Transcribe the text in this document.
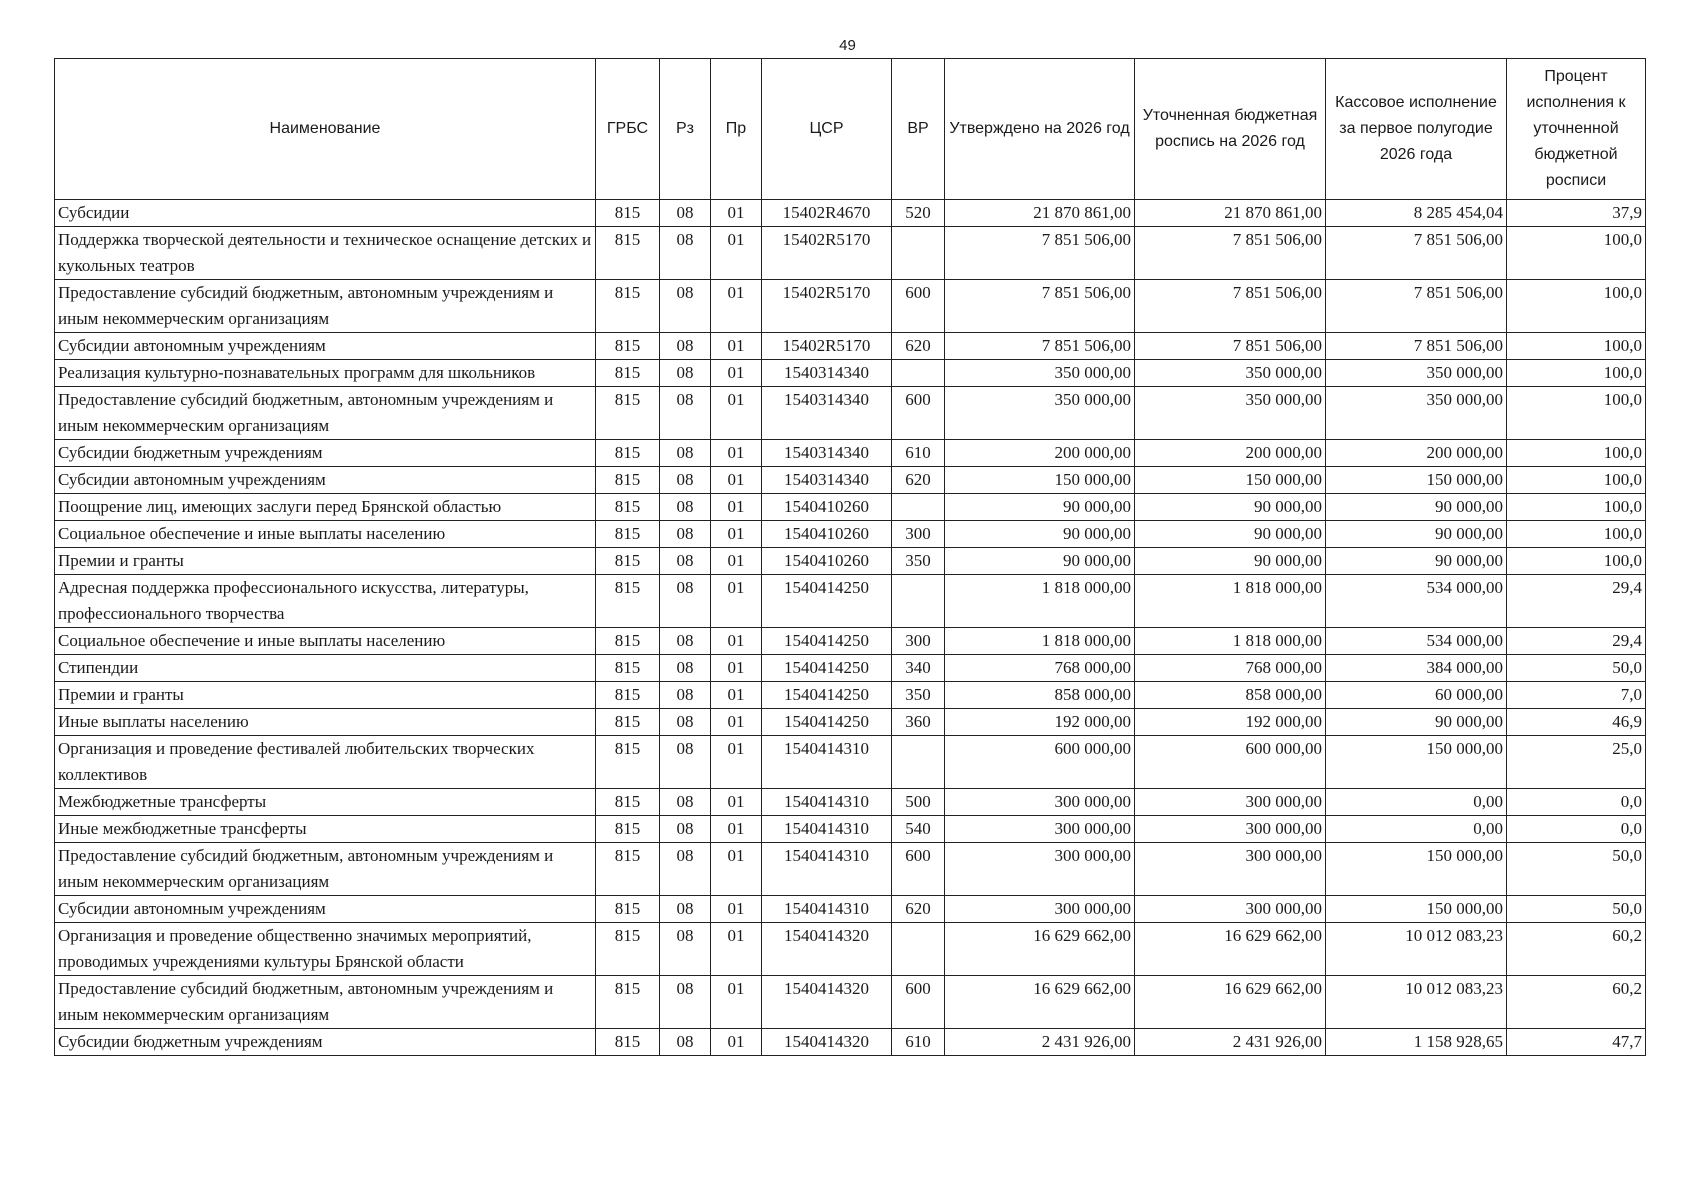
49
Наименование	ГРБС	Рз	Пр	ЦСР	ВР	Утверждено на 2026 год	Уточненная бюджетная роспись на 2026 год	Кассовое исполнение за первое полугодие 2026 года	Процент исполнения к уточненной бюджетной росписи
Субсидии	815	08	01	15402R4670	520	21 870 861,00	21 870 861,00	8 285 454,04	37,9
Поддержка творческой деятельности и техническое оснащение детских и кукольных театров	815	08	01	15402R5170		7 851 506,00	7 851 506,00	7 851 506,00	100,0
Предоставление субсидий бюджетным, автономным учреждениям и иным некоммерческим организациям	815	08	01	15402R5170	600	7 851 506,00	7 851 506,00	7 851 506,00	100,0
Субсидии автономным учреждениям	815	08	01	15402R5170	620	7 851 506,00	7 851 506,00	7 851 506,00	100,0
Реализация культурно-познавательных программ для школьников	815	08	01	1540314340		350 000,00	350 000,00	350 000,00	100,0
Предоставление субсидий бюджетным, автономным учреждениям и иным некоммерческим организациям	815	08	01	1540314340	600	350 000,00	350 000,00	350 000,00	100,0
Субсидии бюджетным учреждениям	815	08	01	1540314340	610	200 000,00	200 000,00	200 000,00	100,0
Субсидии автономным учреждениям	815	08	01	1540314340	620	150 000,00	150 000,00	150 000,00	100,0
Поощрение лиц, имеющих заслуги перед Брянской областью	815	08	01	1540410260		90 000,00	90 000,00	90 000,00	100,0
Социальное обеспечение и иные выплаты населению	815	08	01	1540410260	300	90 000,00	90 000,00	90 000,00	100,0
Премии и гранты	815	08	01	1540410260	350	90 000,00	90 000,00	90 000,00	100,0
Адресная поддержка профессионального искусства, литературы, профессионального творчества	815	08	01	1540414250		1 818 000,00	1 818 000,00	534 000,00	29,4
Социальное обеспечение и иные выплаты населению	815	08	01	1540414250	300	1 818 000,00	1 818 000,00	534 000,00	29,4
Стипендии	815	08	01	1540414250	340	768 000,00	768 000,00	384 000,00	50,0
Премии и гранты	815	08	01	1540414250	350	858 000,00	858 000,00	60 000,00	7,0
Иные выплаты населению	815	08	01	1540414250	360	192 000,00	192 000,00	90 000,00	46,9
Организация и проведение фестивалей любительских творческих коллективов	815	08	01	1540414310		600 000,00	600 000,00	150 000,00	25,0
Межбюджетные трансферты	815	08	01	1540414310	500	300 000,00	300 000,00	0,00	0,0
Иные межбюджетные трансферты	815	08	01	1540414310	540	300 000,00	300 000,00	0,00	0,0
Предоставление субсидий бюджетным, автономным учреждениям и иным некоммерческим организациям	815	08	01	1540414310	600	300 000,00	300 000,00	150 000,00	50,0
Субсидии автономным учреждениям	815	08	01	1540414310	620	300 000,00	300 000,00	150 000,00	50,0
Организация и проведение общественно значимых мероприятий, проводимых учреждениями культуры Брянской области	815	08	01	1540414320		16 629 662,00	16 629 662,00	10 012 083,23	60,2
Предоставление субсидий бюджетным, автономным учреждениям и иным некоммерческим организациям	815	08	01	1540414320	600	16 629 662,00	16 629 662,00	10 012 083,23	60,2
Субсидии бюджетным учреждениям	815	08	01	1540414320	610	2 431 926,00	2 431 926,00	1 158 928,65	47,7
